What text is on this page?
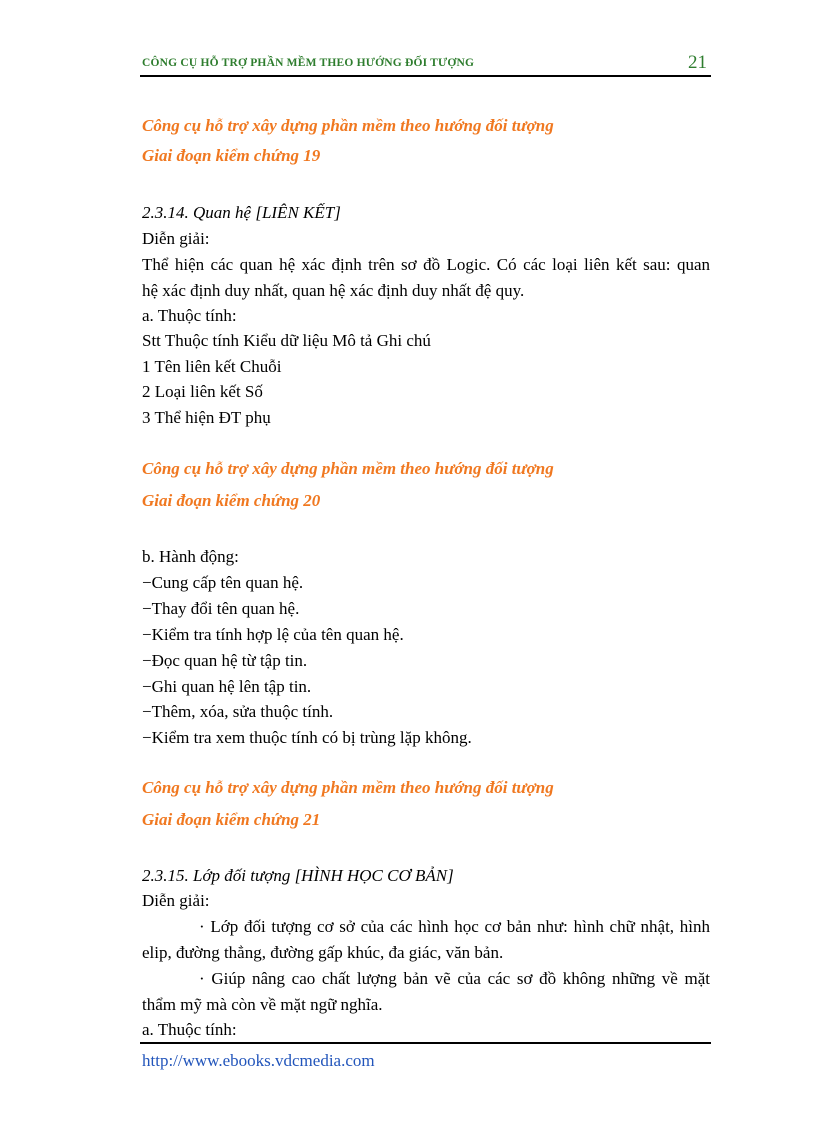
CÔNG CỤ HỖ TRỢ PHẦN MỀM THEO HƯỚNG ĐỐI TƯỢNG	21
Công cụ hỗ trợ xây dựng phần mềm theo hướng đối tượng
Giai đoạn kiểm chứng 19
2.3.14. Quan hệ [LIÊN KẾT]
Diễn giải:
Thể hiện các quan hệ xác định trên sơ đồ Logic. Có các loại liên kết sau: quan
hệ xác định duy nhất, quan hệ xác định duy nhất đệ quy.
a. Thuộc tính:
Stt Thuộc tính Kiểu dữ liệu Mô tả Ghi chú
1 Tên liên kết Chuỗi
2 Loại liên kết Số
3 Thể hiện ĐT phụ
Công cụ hỗ trợ xây dựng phần mềm theo hướng đối tượng
Giai đoạn kiểm chứng 20
b. Hành động:
−Cung cấp tên quan hệ.
−Thay đổi tên quan hệ.
−Kiểm tra tính hợp lệ của tên quan hệ.
−Đọc quan hệ từ tập tin.
−Ghi quan hệ lên tập tin.
−Thêm, xóa, sửa thuộc tính.
−Kiểm tra xem thuộc tính có bị trùng lặp không.
Công cụ hỗ trợ xây dựng phần mềm theo hướng đối tượng
Giai đoạn kiểm chứng 21
2.3.15. Lớp đối tượng [HÌNH HỌC CƠ BẢN]
Diễn giải:
· Lớp đối tượng cơ sở của các hình học cơ bản như: hình chữ nhật, hình
elip, đường thẳng, đường gấp khúc, đa giác, văn bản.
· Giúp nâng cao chất lượng bản vẽ của các sơ đồ không những về mặt
thẩm mỹ mà còn về mặt ngữ nghĩa.
a. Thuộc tính:
http://www.ebooks.vdcmedia.com
